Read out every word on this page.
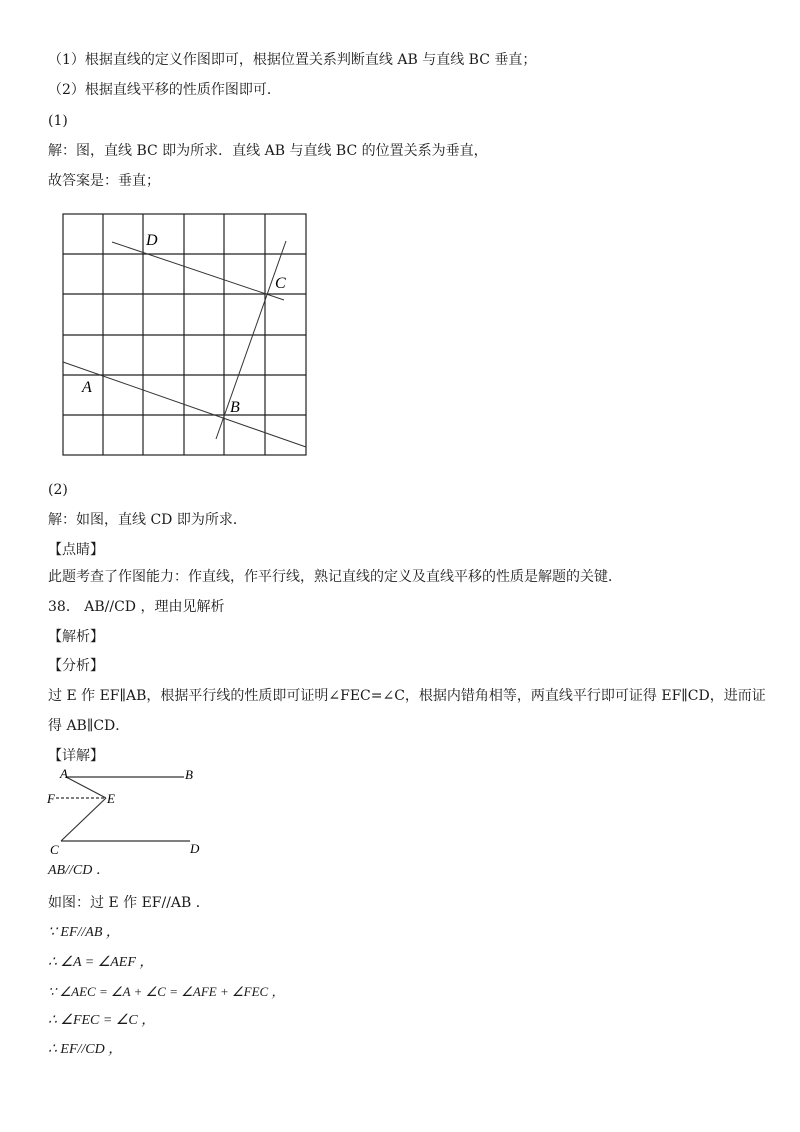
（1）根据直线的定义作图即可，根据位置关系判断直线 AB 与直线 BC 垂直；
（2）根据直线平移的性质作图即可．
(1)
解：图，直线 BC 即为所求．直线 AB 与直线 BC 的位置关系为垂直，
故答案是：垂直；
D
C
A
B
(2)
解：如图，直线 CD 即为所求．
【点睛】
此题考查了作图能力：作直线，作平行线，熟记直线的定义及直线平移的性质是解题的关键．
38． AB//CD ，理由见解析
【解析】
【分析】
过 E 作 EF∥AB，根据平行线的性质即可证明∠FEC=∠C，根据内错角相等，两直线平行即可证得 EF∥CD，进而证
得 AB∥CD．
【详解】
A	B
F	E
C	D
AB//CD ．
如图：过 E 作 EF//AB ．
∵ EF//AB ，
∴ ∠A = ∠AEF ，
∵ ∠AEC = ∠A + ∠C = ∠AFE + ∠FEC ，
∴ ∠FEC = ∠C ，
∴ EF//CD ，
